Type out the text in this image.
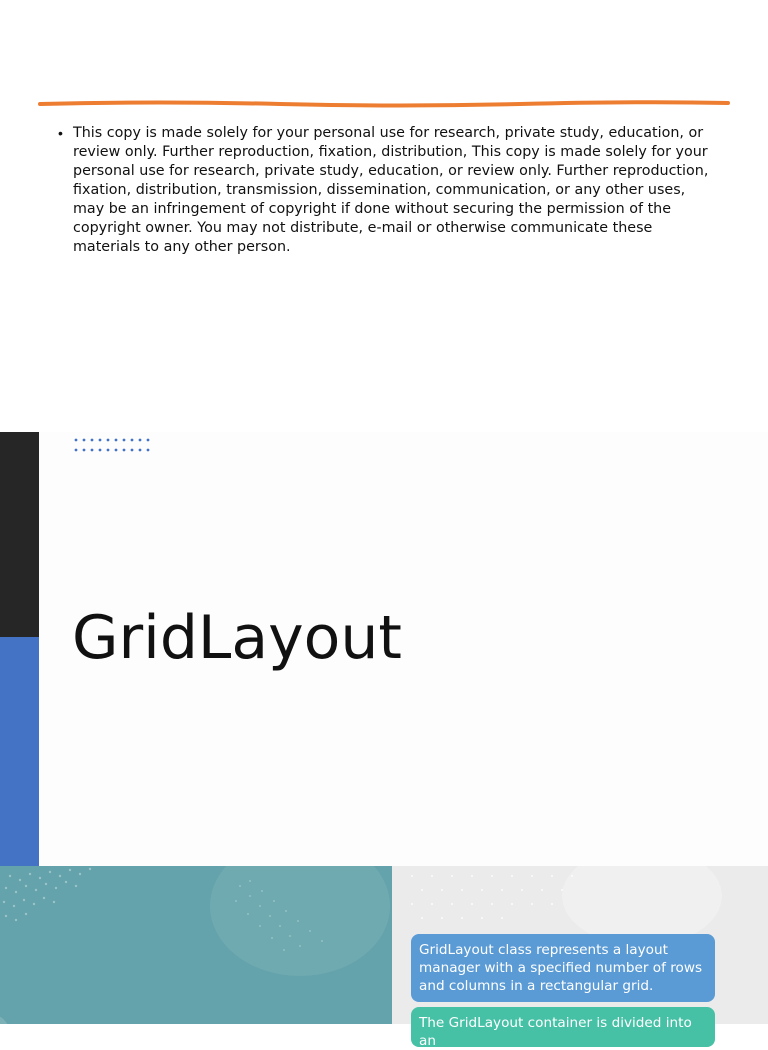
• This copy is made solely for your personal use for research, private study, education, or review only. Further reproduction, fixation, distribution, This copy is made solely for your personal use for research, private study, education, or review only. Further reproduction, fixation, distribution, transmission, dissemination, communication, or any other uses, may be an infringement of copyright if done without securing the permission of the copyright owner. You may not distribute, e-mail or otherwise communicate these materials to any other person.

GridLayout
GridLayout class represents a layout manager with a specified number of rows and columns in a rectangular grid.
The GridLayout container is divided into an
